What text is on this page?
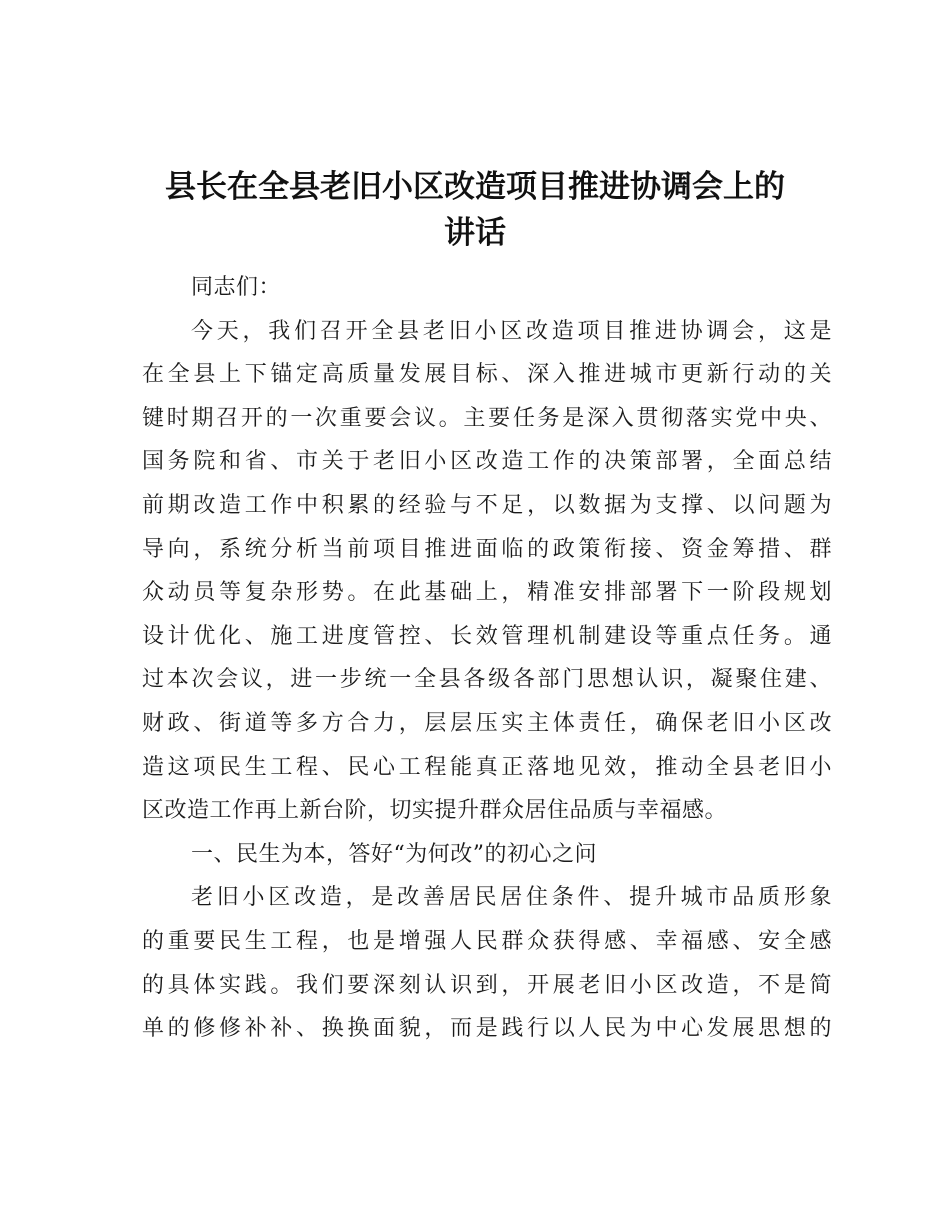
县长在全县老旧小区改造项目推进协调会上的
讲话
同志们：
今天，我们召开全县老旧小区改造项目推进协调会，这是
在全县上下锚定高质量发展目标、深入推进城市更新行动的关
键时期召开的一次重要会议。主要任务是深入贯彻落实党中央、
国务院和省、市关于老旧小区改造工作的决策部署，全面总结
前期改造工作中积累的经验与不足，以数据为支撑、以问题为
导向，系统分析当前项目推进面临的政策衔接、资金筹措、群
众动员等复杂形势。在此基础上，精准安排部署下一阶段规划
设计优化、施工进度管控、长效管理机制建设等重点任务。通
过本次会议，进一步统一全县各级各部门思想认识，凝聚住建、
财政、街道等多方合力，层层压实主体责任，确保老旧小区改
造这项民生工程、民心工程能真正落地见效，推动全县老旧小
区改造工作再上新台阶，切实提升群众居住品质与幸福感。
一、民生为本，答好“为何改”的初心之问
老旧小区改造，是改善居民居住条件、提升城市品质形象
的重要民生工程，也是增强人民群众获得感、幸福感、安全感
的具体实践。我们要深刻认识到，开展老旧小区改造，不是简
单的修修补补、换换面貌，而是践行以人民为中心发展思想的
